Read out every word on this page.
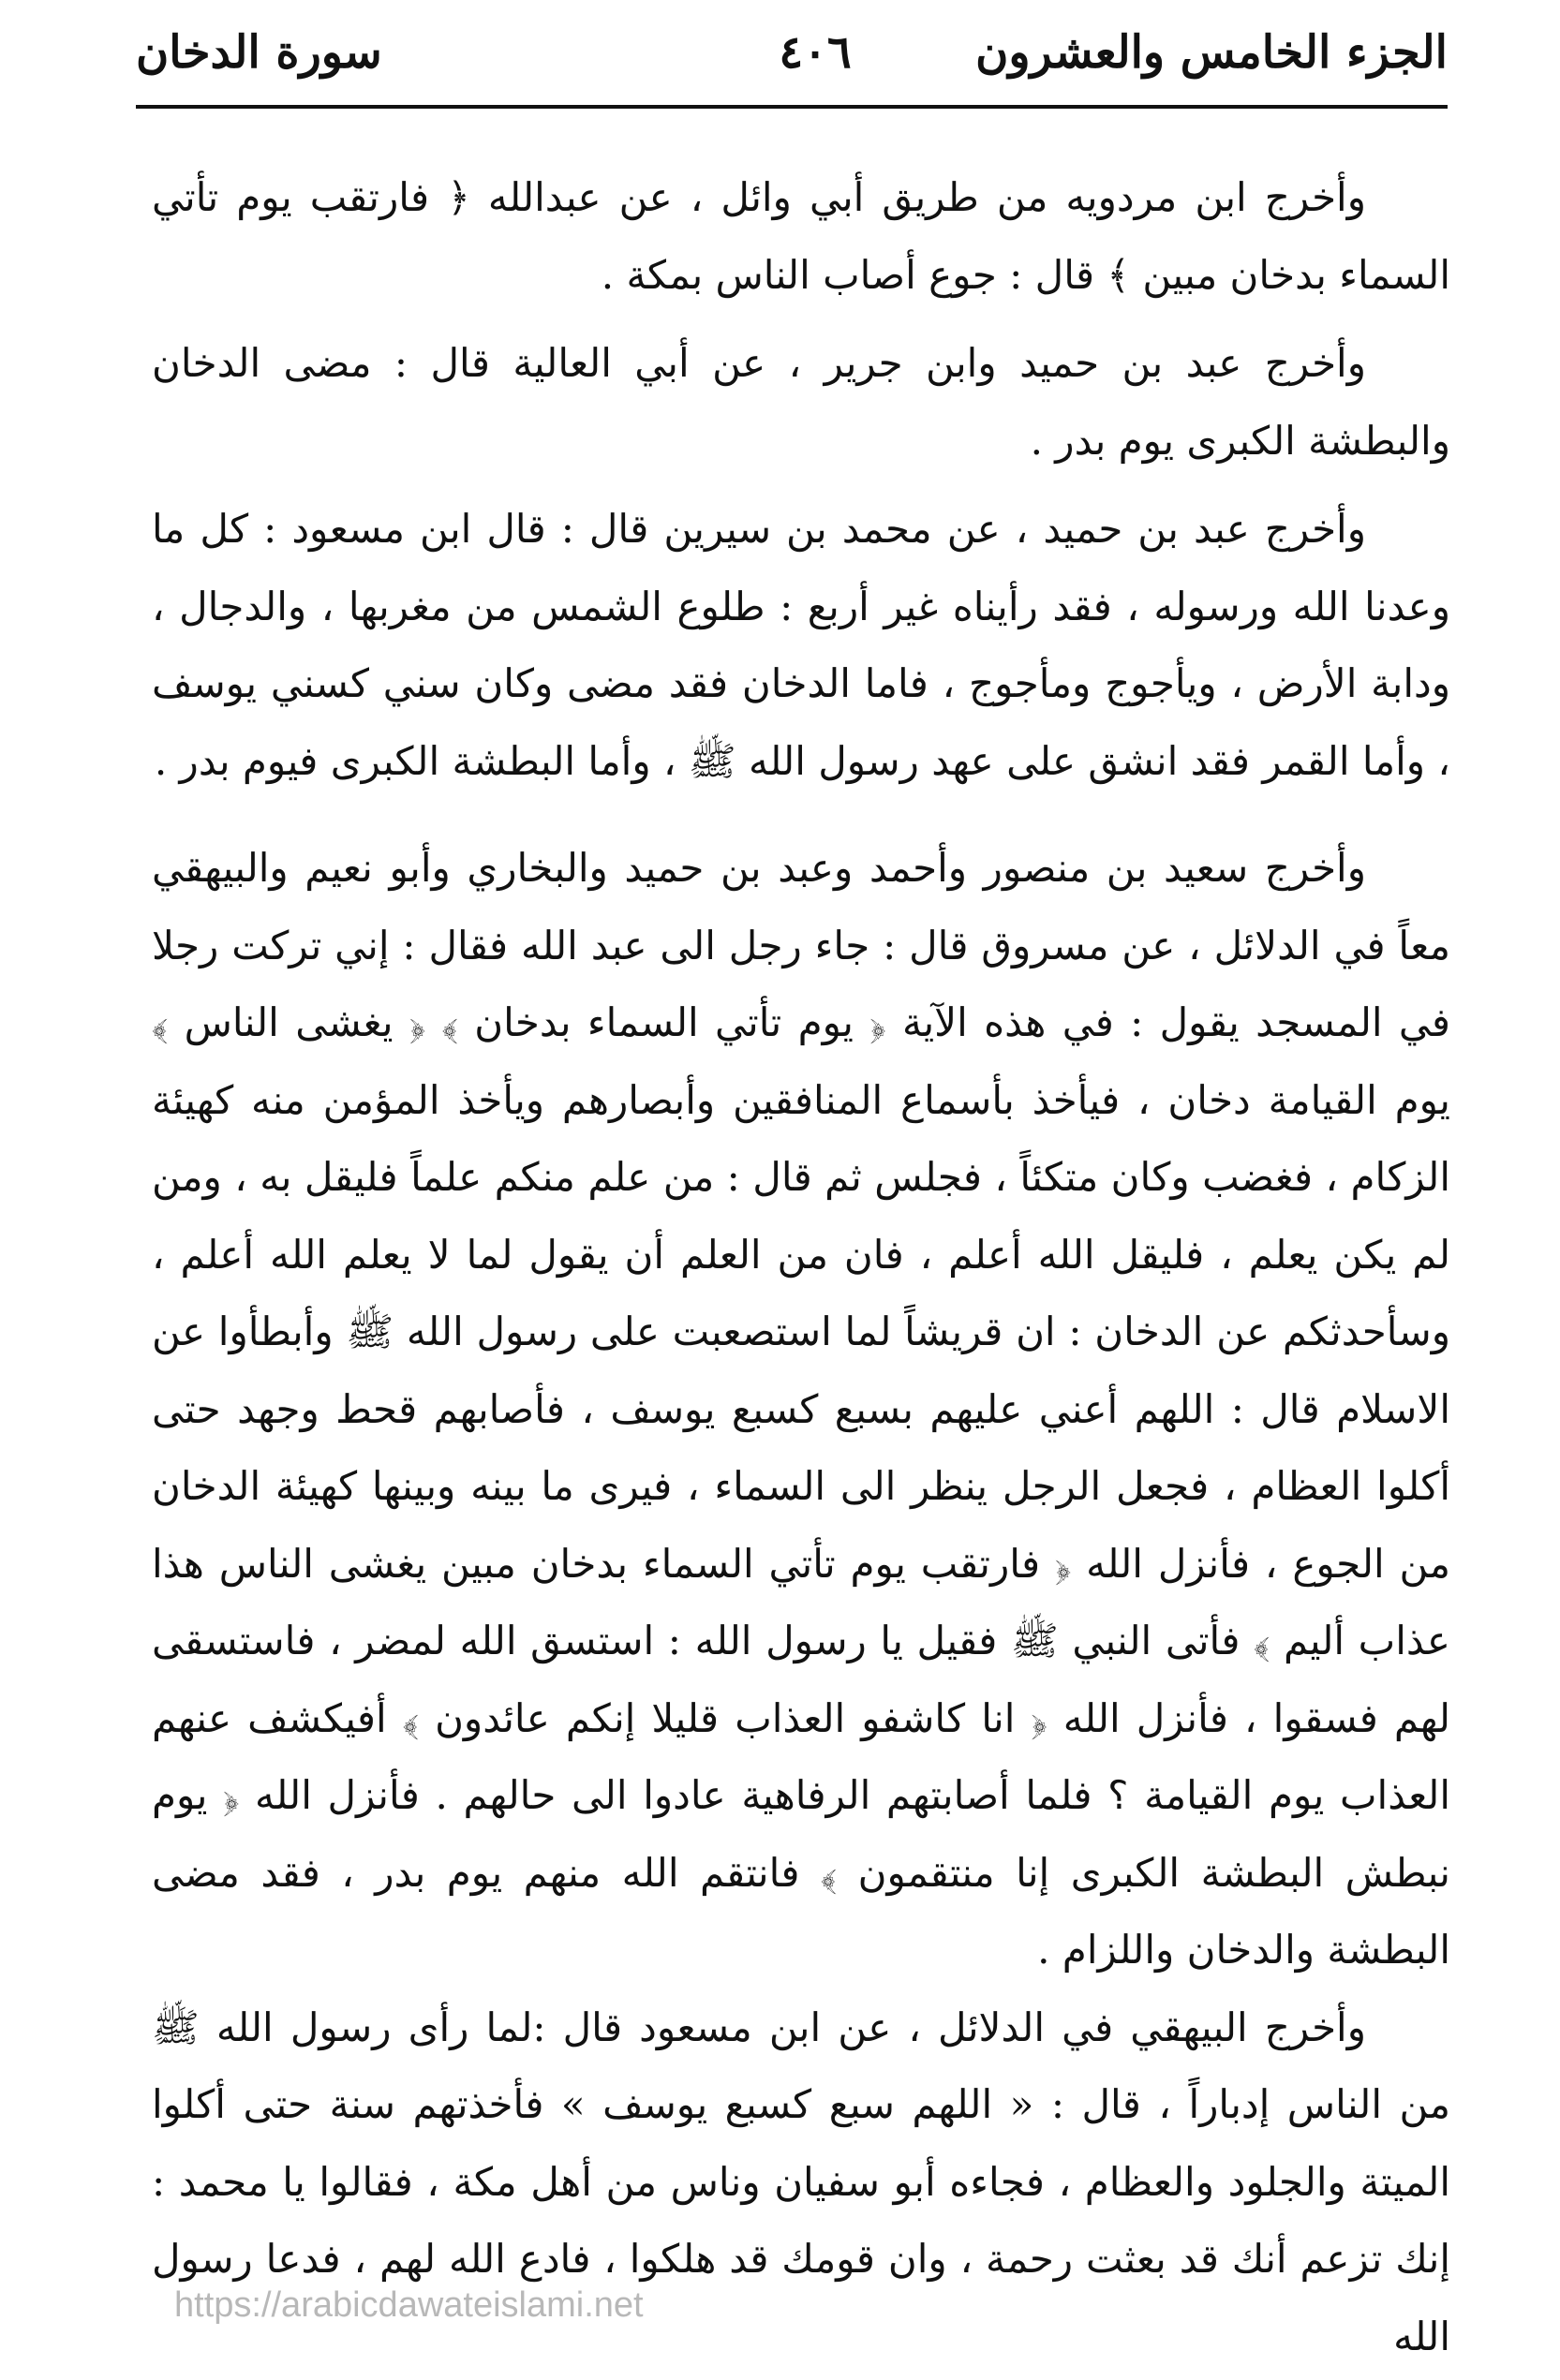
الجزء الخامس والعشرون
٤٠٦
سورة الدخان

وأخرج ابن مردويه من طريق أبي وائل ، عن عبدالله ﴿ فارتقب يوم تأتي السماء بدخان مبين ﴾ قال : جوع أصاب الناس بمكة .

وأخرج عبد بن حميد وابن جرير ، عن أبي العالية قال : مضى الدخان والبطشة الكبرى يوم بدر .

وأخرج عبد بن حميد ، عن محمد بن سيرين قال : قال ابن مسعود : كل ما وعدنا الله ورسوله ، فقد رأيناه غير أربع : طلوع الشمس من مغربها ، والدجال ، ودابة الأرض ، ويأجوج ومأجوج ، فاما الدخان فقد مضى وكان سني كسني يوسف ، وأما القمر فقد انشق على عهد رسول الله ﷺ ، وأما البطشة الكبرى فيوم بدر .

وأخرج سعيد بن منصور وأحمد وعبد بن حميد والبخاري وأبو نعيم والبيهقي معاً في الدلائل ، عن مسروق قال : جاء رجل الى عبد الله فقال : إني تركت رجلا في المسجد يقول : في هذه الآية ﴿ يوم تأتي السماء بدخان ﴾ ﴿ يغشى الناس ﴾ يوم القيامة دخان ، فيأخذ بأسماع المنافقين وأبصارهم ويأخذ المؤمن منه كهيئة الزكام ، فغضب وكان متكئاً ، فجلس ثم قال : من علم منكم علماً فليقل به ، ومن لم يكن يعلم ، فليقل الله أعلم ، فان من العلم أن يقول لما لا يعلم الله أعلم ، وسأحدثكم عن الدخان : ان قريشاً لما استصعبت على رسول الله ﷺ وأبطأوا عن الاسلام قال : اللهم أعني عليهم بسبع كسبع يوسف ، فأصابهم قحط وجهد حتى أكلوا العظام ، فجعل الرجل ينظر الى السماء ، فيرى ما بينه وبينها كهيئة الدخان من الجوع ، فأنزل الله ﴿ فارتقب يوم تأتي السماء بدخان مبين يغشى الناس هذا عذاب أليم ﴾ فأتى النبي ﷺ فقيل يا رسول الله : استسق الله لمضر ، فاستسقى لهم فسقوا ، فأنزل الله ﴿ انا كاشفو العذاب قليلا إنكم عائدون ﴾ أفيكشف عنهم العذاب يوم القيامة ؟ فلما أصابتهم الرفاهية عادوا الى حالهم . فأنزل الله ﴿ يوم نبطش البطشة الكبرى إنا منتقمون ﴾ فانتقم الله منهم يوم بدر ، فقد مضى البطشة والدخان واللزام .

وأخرج البيهقي في الدلائل ، عن ابن مسعود قال :لما رأى رسول الله ﷺ من الناس إدباراً ، قال : « اللهم سبع كسبع يوسف » فأخذتهم سنة حتى أكلوا الميتة والجلود والعظام ، فجاءه أبو سفيان وناس من أهل مكة ، فقالوا يا محمد : إنك تزعم أنك قد بعثت رحمة ، وان قومك قد هلكوا ، فادع الله لهم ، فدعا رسول الله

https://arabicdawateislami.net
